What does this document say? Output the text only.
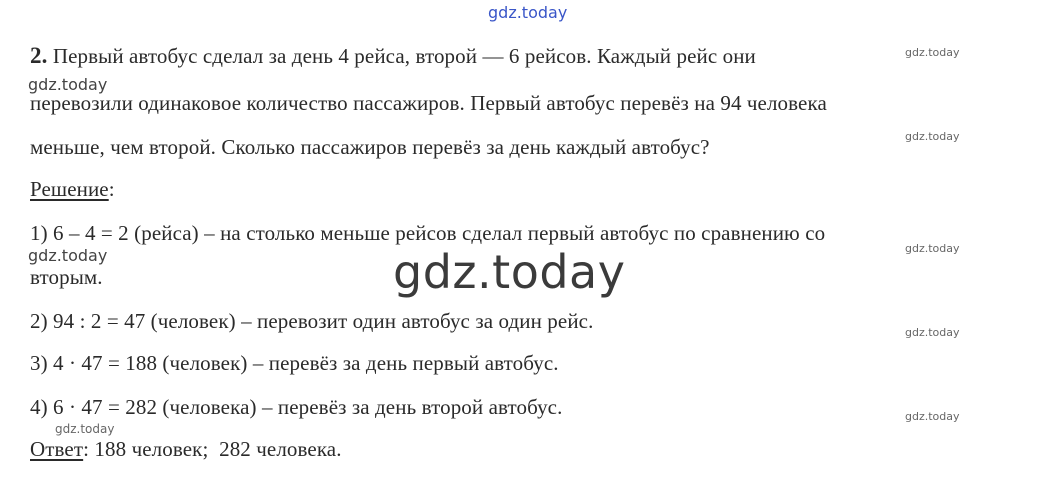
gdz.today
gdz.today
gdz.today
gdz.today
gdz.today
gdz.today	gdz.today
gdz.today
gdz.today
gdz.today
2. Первый автобус сделал за день 4 рейса, второй — 6 рейсов. Каждый рейс они
перевозили одинаковое количество пассажиров. Первый автобус перевёз на 94 человека
меньше, чем второй. Сколько пассажиров перевёз за день каждый автобус?
Решение:
1) 6 – 4 = 2 (рейса) – на столько меньше рейсов сделал первый автобус по сравнению со
вторым.
2) 94 : 2 = 47 (человек) – перевозит один автобус за один рейс.
3) 4 · 47 = 188 (человек) – перевёз за день первый автобус.
4) 6 · 47 = 282 (человека) – перевёз за день второй автобус.
Ответ: 188 человек;  282 человека.
